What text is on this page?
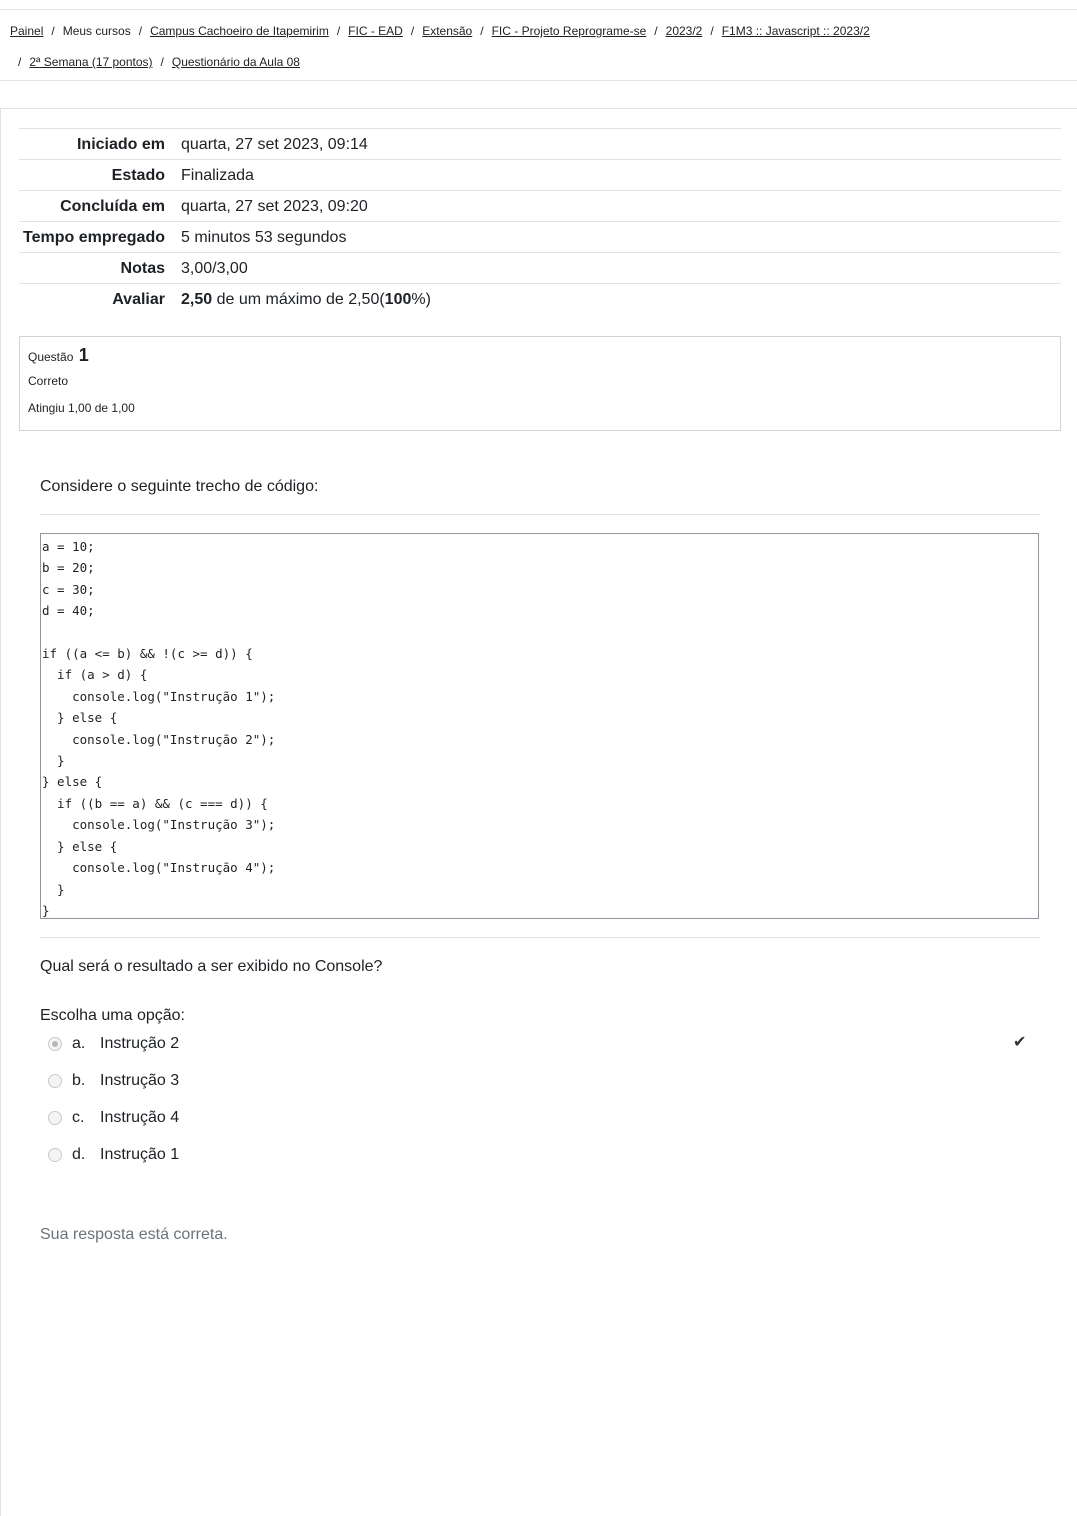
Painel / Meus cursos / Campus Cachoeiro de Itapemirim / FIC - EAD / Extensão / FIC - Projeto Reprograme-se / 2023/2 / F1M3 :: Javascript :: 2023/2
/ 2ª Semana (17 pontos) / Questionário da Aula 08
Iniciado em	quarta, 27 set 2023, 09:14
Estado	Finalizada
Concluída em	quarta, 27 set 2023, 09:20
Tempo empregado	5 minutos 53 segundos
Notas	3,00/3,00
Avaliar	2,50 de um máximo de 2,50(100%)
Questão 1
Correto
Atingiu 1,00 de 1,00

Considere o seguinte trecho de código:

a = 10;
b = 20;
c = 30;
d = 40;

if ((a <= b) && !(c >= d)) {
if (a > d) {
console.log("Instrução 1");
} else {
console.log("Instrução 2");
}
} else {
if ((b == a) && (c === d)) {
console.log("Instrução 3");
} else {
console.log("Instrução 4");
}
}
Qual será o resultado a ser exibido no Console?
Escolha uma opção:
a. Instrução 2	✔
b. Instrução 3
c. Instrução 4
d. Instrução 1
Sua resposta está correta.
